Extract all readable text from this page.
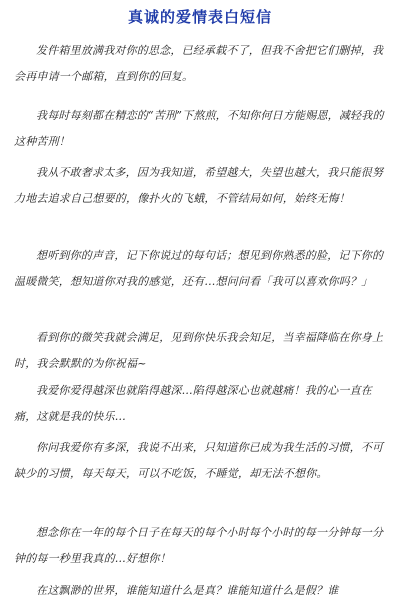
真诚的爱情表白短信

发件箱里放满我对你的思念，已经承载不了，但我不舍把它们删掉，我会再申请一个邮箱，直到你的回复。

我每时每刻都在精恋的“苦刑”下熬煎，不知你何日方能赐恩，减轻我的这种苦刑！

我从不敢奢求太多，因为我知道，希望越大，失望也越大，我只能很努力地去追求自己想要的，像扑火的飞蛾，不管结局如何，始终无悔！

想听到你的声音，记下你说过的每句话；想见到你熟悉的脸，记下你的温暖微笑，想知道你对我的感觉，还有…想问问看「我可以喜欢你吗？」

看到你的微笑我就会满足，见到你快乐我会知足，当幸福降临在你身上时，我会默默的为你祝福~

我爱你爱得越深也就陷得越深…陷得越深心也就越痛！我的心一直在痛，这就是我的快乐…

你问我爱你有多深，我说不出来，只知道你已成为我生活的习惯，不可缺少的习惯，每天每天，可以不吃饭，不睡觉，却无法不想你。

想念你在一年的每个日子在每天的每个小时每个小时的每一分钟每一分钟的每一秒里我真的…好想你！

在这飘渺的世界，谁能知道什么是真？谁能知道什么是假？谁
